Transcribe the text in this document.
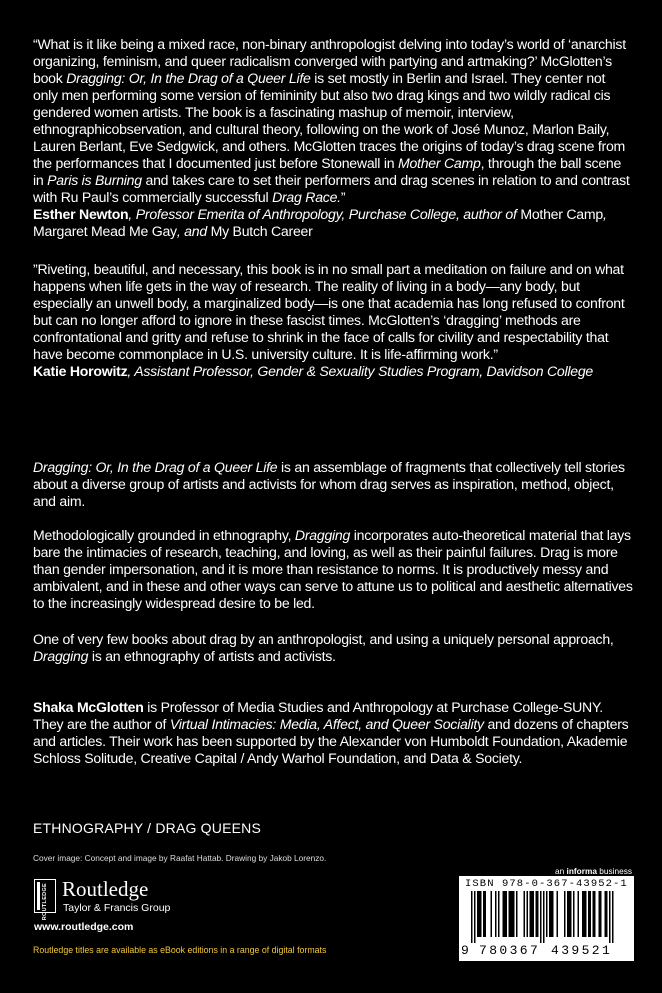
“What is it like being a mixed race, non-binary anthropologist delving into today’s world of ‘anarchist organizing, feminism, and queer radicalism converged with partying and artmaking?’ McGlotten’s book Dragging: Or, In the Drag of a Queer Life is set mostly in Berlin and Israel. They center not only men performing some version of femininity but also two drag kings and two wildly radical cis gendered women artists. The book is a fascinating mashup of memoir, interview, ethnographicobservation, and cultural theory, following on the work of José Munoz, Marlon Baily, Lauren Berlant, Eve Sedgwick, and others. McGlotten traces the origins of today’s drag scene from the performances that I documented just before Stonewall in Mother Camp, through the ball scene in Paris is Burning and takes care to set their performers and drag scenes in relation to and contrast with Ru Paul’s commercially successful Drag Race.”

Esther Newton, Professor Emerita of Anthropology, Purchase College, author of Mother Camp, Margaret Mead Me Gay, and My Butch Career

”Riveting, beautiful, and necessary, this book is in no small part a meditation on failure and on what happens when life gets in the way of research. The reality of living in a body—any body, but especially an unwell body, a marginalized body—is one that academia has long refused to confront but can no longer afford to ignore in these fascist times. McGlotten’s ‘dragging’ methods are confrontational and gritty and refuse to shrink in the face of calls for civility and respectability that have become commonplace in U.S. university culture. It is life-affirming work.”

Katie Horowitz, Assistant Professor, Gender & Sexuality Studies Program, Davidson College

Dragging: Or, In the Drag of a Queer Life is an assemblage of fragments that collectively tell stories about a diverse group of artists and activists for whom drag serves as inspiration, method, object, and aim.

Methodologically grounded in ethnography, Dragging incorporates auto-theoretical material that lays bare the intimacies of research, teaching, and loving, as well as their painful failures. Drag is more than gender impersonation, and it is more than resistance to norms. It is productively messy and ambivalent, and in these and other ways can serve to attune us to political and aesthetic alternatives to the increasingly widespread desire to be led.

One of very few books about drag by an anthropologist, and using a uniquely personal approach, Dragging is an ethnography of artists and activists.

Shaka McGlotten is Professor of Media Studies and Anthropology at Purchase College-SUNY. They are the author of Virtual Intimacies: Media, Affect, and Queer Sociality and dozens of chapters and articles. Their work has been supported by the Alexander von Humboldt Foundation, Akademie Schloss Solitude, Creative Capital / Andy Warhol Foundation, and Data & Society.

ETHNOGRAPHY / DRAG QUEENS
Cover image: Concept and image by Raafat Hattab. Drawing by Jakob Lorenzo.
ROUTLEDGE Routledge
Taylor & Francis Group
www.routledge.com
Routledge titles are available as eBook editions in a range of digital formats
an informa business
ISBN 978-0-367-43952-1
9 780367 439521
